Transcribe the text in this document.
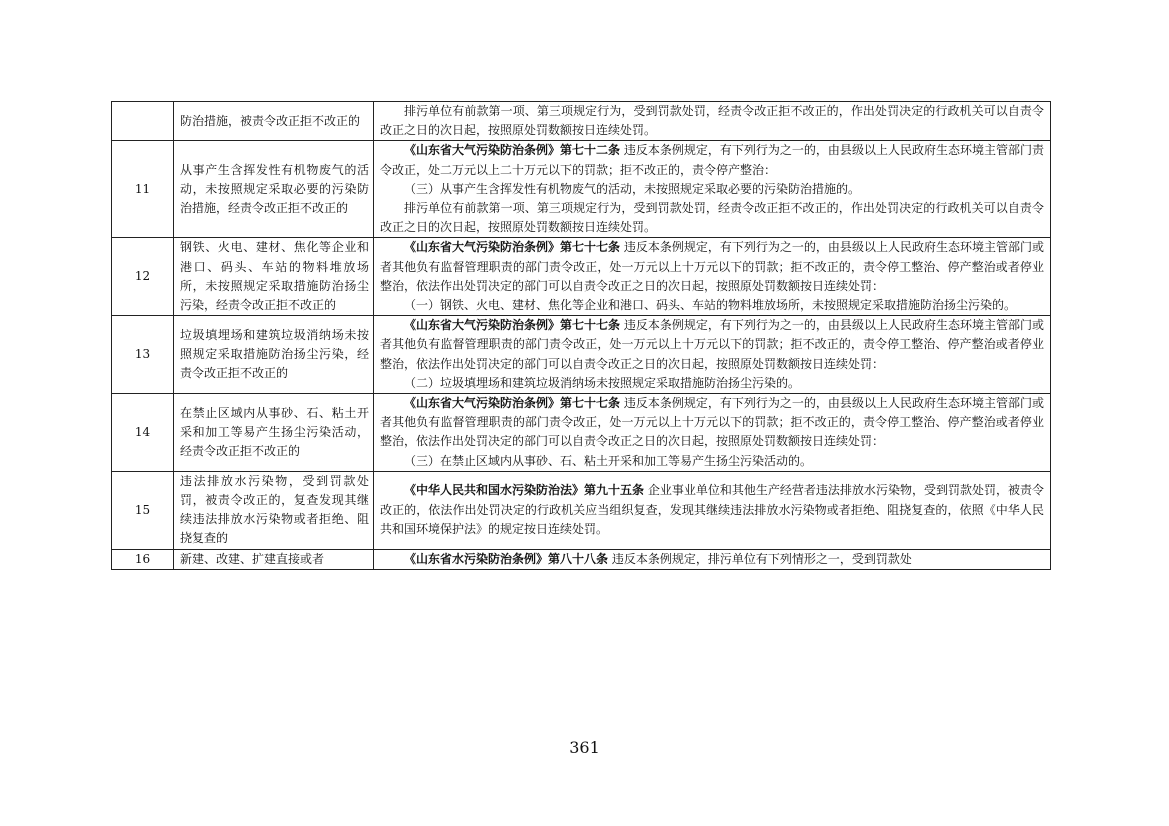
	防治措施，被责令改正拒不改正的	排污单位有前款第一项、第三项规定行为，受到罚款处罚，经责令改正拒不改正的，作出处罚决定的行政机关可以自责令改正之日的次日起，按照原处罚数额按日连续处罚。

11	从事产生含挥发性有机物废气的活动，未按照规定采取必要的污染防治措施，经责令改正拒不改正的	《山东省大气污染防治条例》第七十二条 违反本条例规定，有下列行为之一的，由县级以上人民政府生态环境主管部门责令改正，处二万元以上二十万元以下的罚款；拒不改正的，责令停产整治：

（三）从事产生含挥发性有机物废气的活动，未按照规定采取必要的污染防治措施的。

排污单位有前款第一项、第三项规定行为，受到罚款处罚，经责令改正拒不改正的，作出处罚决定的行政机关可以自责令改正之日的次日起，按照原处罚数额按日连续处罚。

12	钢铁、火电、建材、焦化等企业和港口、码头、车站的物料堆放场所，未按照规定采取措施防治扬尘污染，经责令改正拒不改正的	《山东省大气污染防治条例》第七十七条 违反本条例规定，有下列行为之一的，由县级以上人民政府生态环境主管部门或者其他负有监督管理职责的部门责令改正，处一万元以上十万元以下的罚款；拒不改正的，责令停工整治、停产整治或者停业整治，依法作出处罚决定的部门可以自责令改正之日的次日起，按照原处罚数额按日连续处罚：

（一）钢铁、火电、建材、焦化等企业和港口、码头、车站的物料堆放场所，未按照规定采取措施防治扬尘污染的。

13	垃圾填埋场和建筑垃圾消纳场未按照规定采取措施防治扬尘污染，经责令改正拒不改正的	《山东省大气污染防治条例》第七十七条 违反本条例规定，有下列行为之一的，由县级以上人民政府生态环境主管部门或者其他负有监督管理职责的部门责令改正，处一万元以上十万元以下的罚款；拒不改正的，责令停工整治、停产整治或者停业整治，依法作出处罚决定的部门可以自责令改正之日的次日起，按照原处罚数额按日连续处罚：

（二）垃圾填埋场和建筑垃圾消纳场未按照规定采取措施防治扬尘污染的。

14	在禁止区域内从事砂、石、粘土开采和加工等易产生扬尘污染活动，经责令改正拒不改正的	《山东省大气污染防治条例》第七十七条 违反本条例规定，有下列行为之一的，由县级以上人民政府生态环境主管部门或者其他负有监督管理职责的部门责令改正，处一万元以上十万元以下的罚款；拒不改正的，责令停工整治、停产整治或者停业整治，依法作出处罚决定的部门可以自责令改正之日的次日起，按照原处罚数额按日连续处罚：

（三）在禁止区域内从事砂、石、粘土开采和加工等易产生扬尘污染活动的。

15	违法排放水污染物，受到罚款处罚，被责令改正的，复查发现其继续违法排放水污染物或者拒绝、阻挠复查的	《中华人民共和国水污染防治法》第九十五条 企业事业单位和其他生产经营者违法排放水污染物，受到罚款处罚，被责令改正的，依法作出处罚决定的行政机关应当组织复查，发现其继续违法排放水污染物或者拒绝、阻挠复查的，依照《中华人民共和国环境保护法》的规定按日连续处罚。

16	新建、改建、扩建直接或者	《山东省水污染防治条例》第八十八条 违反本条例规定，排污单位有下列情形之一，受到罚款处

361
